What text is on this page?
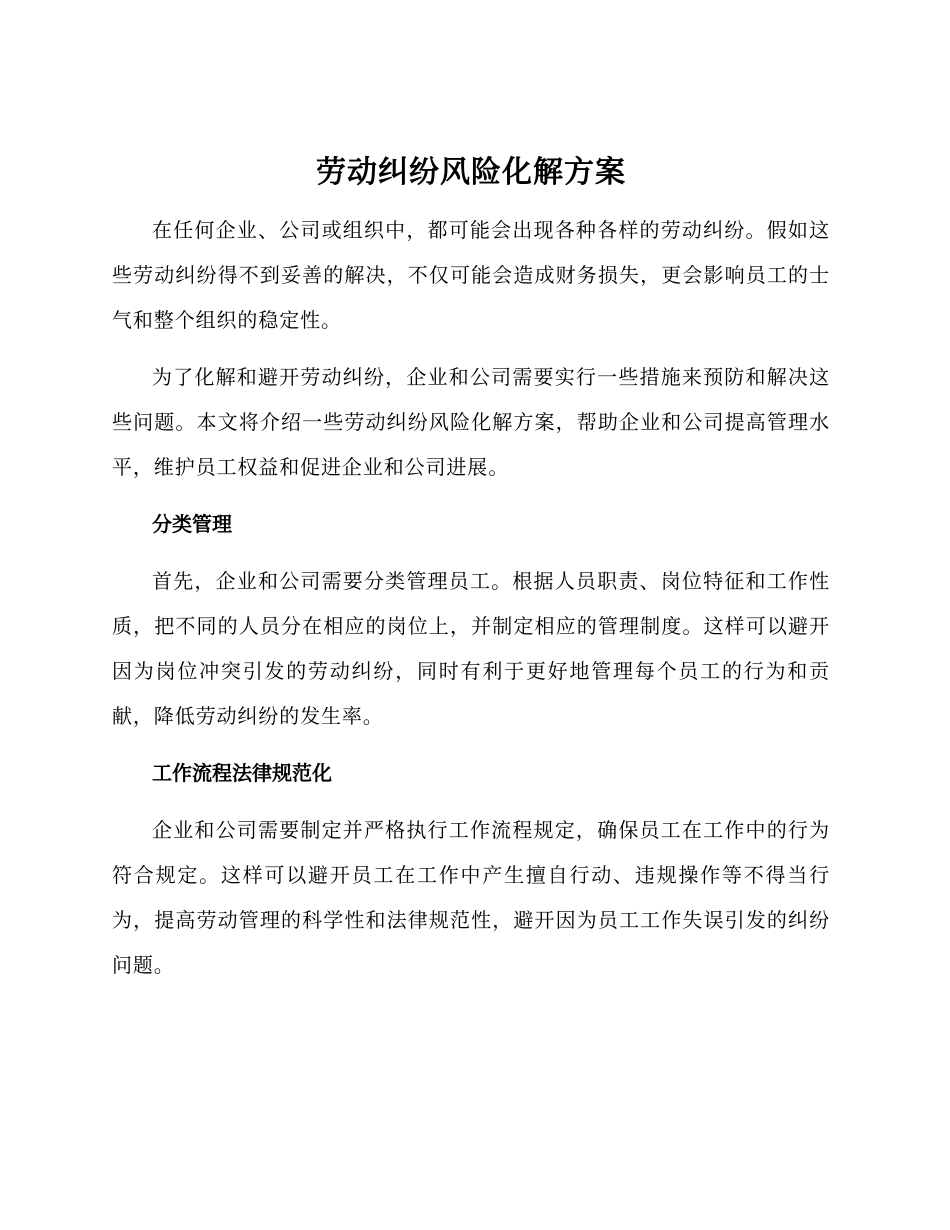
劳动纠纷风险化解方案

在任何企业、公司或组织中，都可能会出现各种各样的劳动纠纷。假如这些劳动纠纷得不到妥善的解决，不仅可能会造成财务损失，更会影响员工的士气和整个组织的稳定性。

为了化解和避开劳动纠纷，企业和公司需要实行一些措施来预防和解决这些问题。本文将介绍一些劳动纠纷风险化解方案，帮助企业和公司提高管理水平，维护员工权益和促进企业和公司进展。

分类管理

首先，企业和公司需要分类管理员工。根据人员职责、岗位特征和工作性质，把不同的人员分在相应的岗位上，并制定相应的管理制度。这样可以避开因为岗位冲突引发的劳动纠纷，同时有利于更好地管理每个员工的行为和贡献，降低劳动纠纷的发生率。

工作流程法律规范化

企业和公司需要制定并严格执行工作流程规定，确保员工在工作中的行为符合规定。这样可以避开员工在工作中产生擅自行动、违规操作等不得当行为，提高劳动管理的科学性和法律规范性，避开因为员工工作失误引发的纠纷问题。
